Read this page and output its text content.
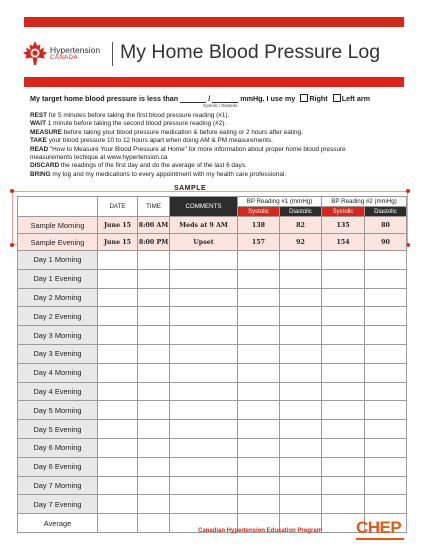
Hypertension
CANADA My Home Blood Pressure Log
My target home blood pressure is less than	/	mmHg. I use my Right Left arm
Systolic / Diastolic
REST for 5 minutes before taking the first blood pressure reading (#1).
WAIT 1 minute before taking the second blood pressure reading (#2).
MEASURE before taking your blood pressure medication & before eating or 2 hours after eating.
TAKE your blood pressure 10 to 12 hours apart when doing AM & PM measurements.
READ "How to Measure Your Blood Pressure at Home" for more information about proper home blood pressure
measurements techique at www.hypertension.ca
DISCARD the readings of the first day and do the average of the last 6 days.
BRING my log and my medications to every appointment with my health care professional.
SAMPLE
	DATE	TIME	COMMENTS	BP Reading #1 (mmHg)		BP Reading #2 (mmHg)	
				Systolic	Diastolic	Systolic	Diastolic
Sample Morning	June 15	8:00 AM	Meds at 9 AM	138	82	135	80
Sample Evening	June 15	8:00 PM	Upset	157	92	154	90
Day 1 Morning							
Day 1 Evening							
Day 2 Morning							
Day 2 Evening							
Day 3 Morning							
Day 3 Evening							
Day 4 Morning							
Day 4 Evening							
Day 5 Morning							
Day 5 Evening							
Day 6 Morning							
Day 6 Evening							
Day 7 Morning							
Day 7 Evening							
Average							
Canadian Hypertension Education Program CHEP
